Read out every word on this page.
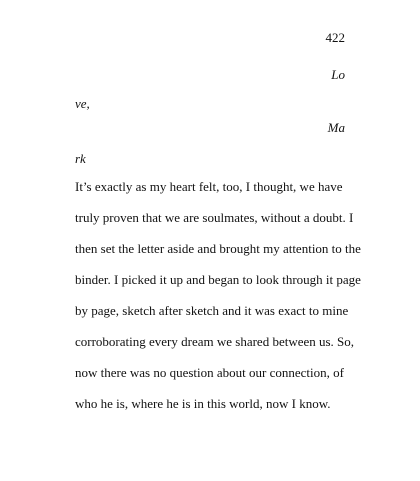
422
Lo
ve,
Ma
rk
It’s exactly as my heart felt, too, I thought, we have
truly proven that we are soulmates, without a doubt. I
then set the letter aside and brought my attention to the
binder. I picked it up and began to look through it page
by page, sketch after sketch and it was exact to mine
corroborating every dream we shared between us. So,
now there was no question about our connection, of
who he is, where he is in this world, now I know.
